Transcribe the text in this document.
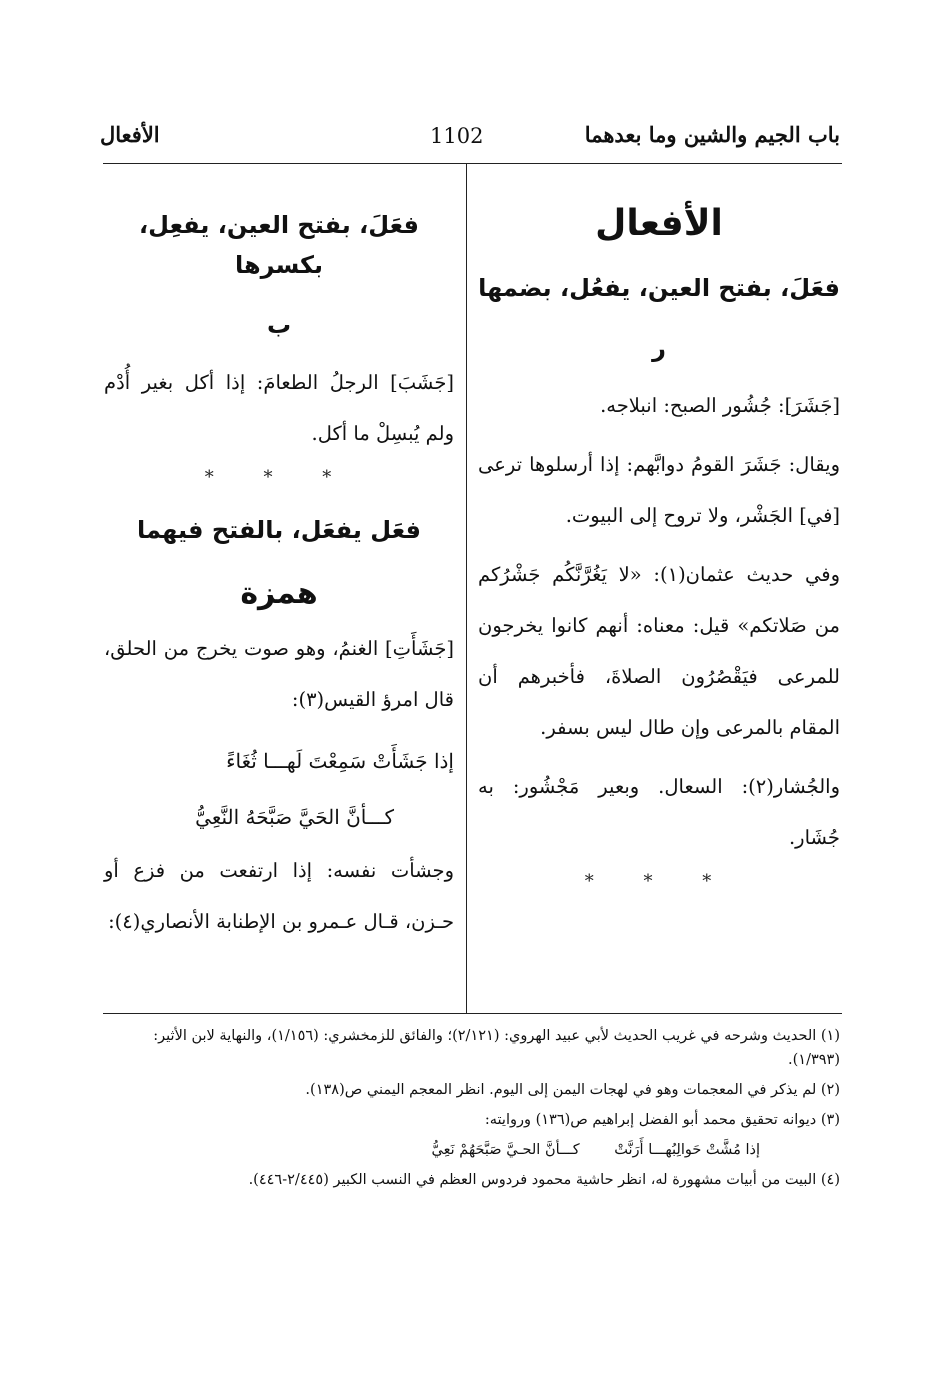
باب الجيم والشين وما بعدهما
1102
الأفعال
الأفعال
فعَلَ، بفتح العين، يفعُل، بضمها
ر

[جَشَرَ]: جُشُور الصبح: انبلاجه.

ويقال: جَشَرَ القومُ دوابَّهم: إذا أرسلوها ترعى [في] الجَشْر، ولا تروح إلى البيوت.

وفي حديث عثمان(١): «لا يَغُرَّنَّكُم جَشْرُكم من صَلاتكم» قيل: معناه: أنهم كانوا يخرجون للمرعى فيَقْصُرُون الصلاةَ، فأخبرهم أن المقام بالمرعى وإن طال ليس بسفر.

والجُشار(٢): السعال. وبعير مَجْشُور: به جُشَار.

* * *
فعَلَ، بفتح العين، يفعِل، بكسرها
ب

[جَشَبَ] الرجلُ الطعامَ: إذا أكل بغير أُدْم ولم يُبسِلْ ما أكل.

* * *
فعَل يفعَل، بالفتح فيهما
همزة

[جَشَأَتِ] الغنمُ، وهو صوت يخرج من الحلق، قال امرؤ القيس(٣):

إذا جَشَأَتْ سَمِعْتَ لَهـــا ثُغَاءً

كـــأنَّ الحَيَّ صَبَّحَهُ النَّعِيُّ

وجشأت نفسه: إذا ارتفعت من فزع أو حـزن، قـال عـمرو بن الإطنابة الأنصاري(٤):

(١) الحديث وشرحه في غريب الحديث لأبي عبيد الهروي: (٢/١٢١)؛ والفائق للزمخشري: (١/١٥٦)، والنهاية لابن الأثير: (١/٣٩٣).

(٢) لم يذكر في المعجمات وهو في لهجات اليمن إلى اليوم. انظر المعجم اليمني ص(١٣٨).

(٣) ديوانه تحقيق محمد أبو الفضل إبراهيم ص(١٣٦) وروايته:

إذا مُشَّتْ حَوالِبُهـــا أَرَنَّتْ كـــأنَّ الحـيَّ صَبَّحَهُمْ نَعِيُّ

(٤) البيت من أبيات مشهورة له، انظر حاشية محمود فردوس العظم في النسب الكبير (٢/٤٤٥-٤٤٦).
